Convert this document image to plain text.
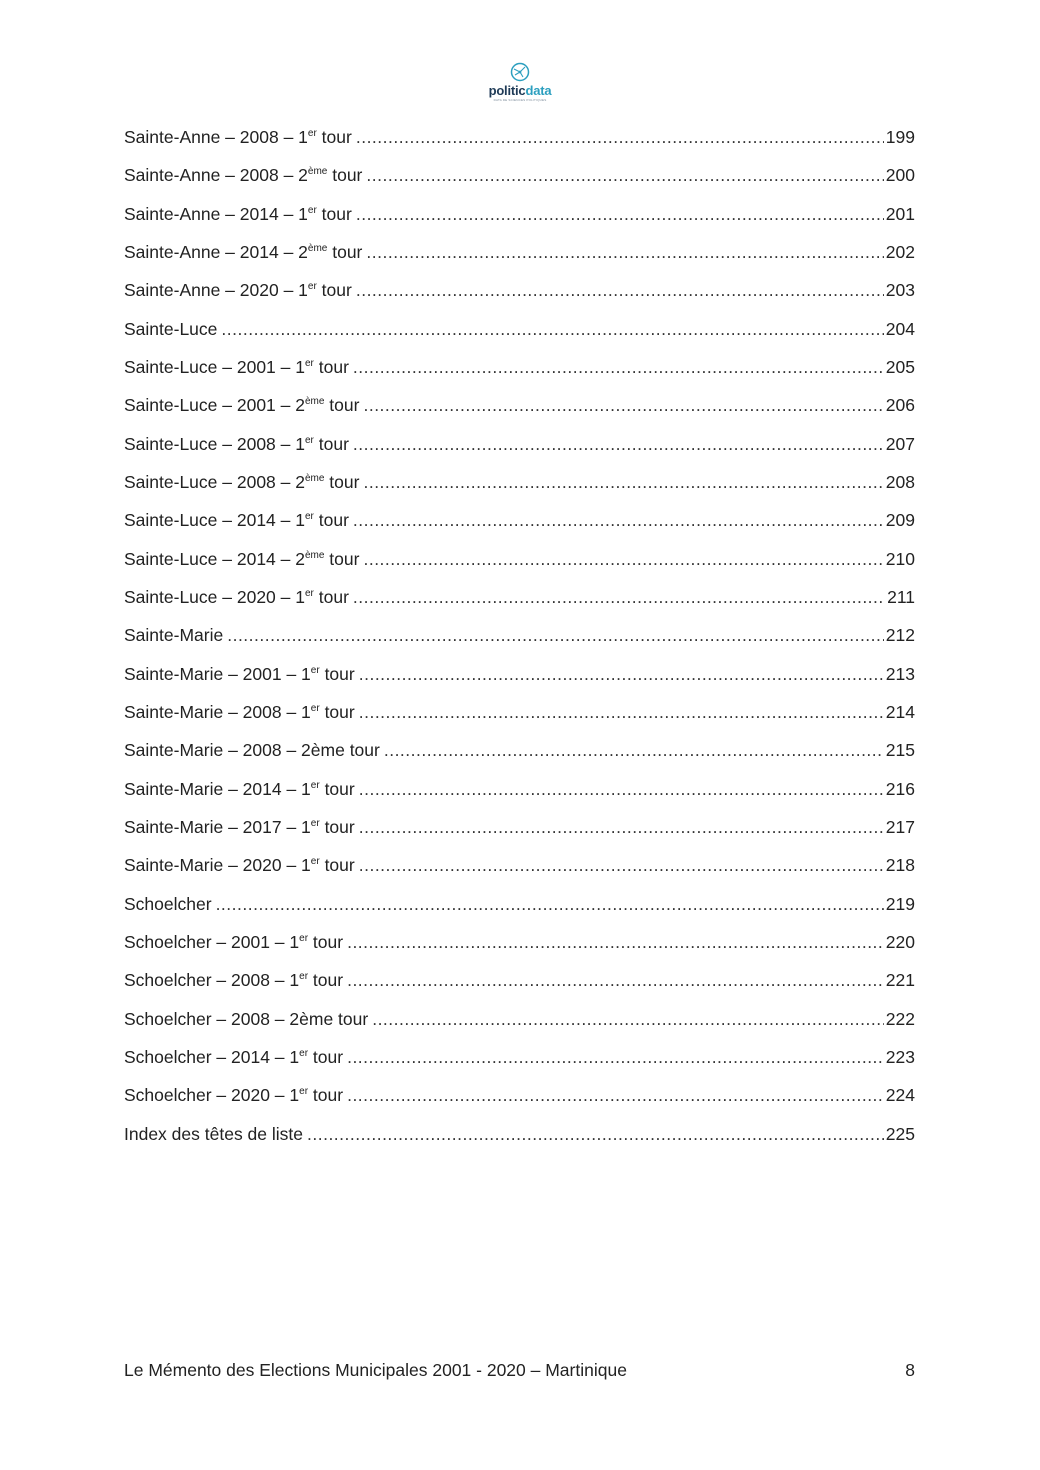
politicdata
DATA DE SCIENCES POLITIQUES
Sainte-Anne – 2008 – 1er tour .....	199
Sainte-Anne – 2008 – 2ème tour .....	200
Sainte-Anne – 2014 – 1er tour .....	201
Sainte-Anne – 2014 – 2ème tour .....	202
Sainte-Anne – 2020 – 1er tour .....	203
Sainte-Luce .....	204
Sainte-Luce – 2001 – 1er tour .....	205
Sainte-Luce – 2001 – 2ème tour .....	206
Sainte-Luce – 2008 – 1er tour .....	207
Sainte-Luce – 2008 – 2ème tour .....	208
Sainte-Luce – 2014 – 1er tour .....	209
Sainte-Luce – 2014 – 2ème tour .....	210
Sainte-Luce – 2020 – 1er tour .....	211
Sainte-Marie .....	212
Sainte-Marie – 2001 – 1er tour .....	213
Sainte-Marie – 2008 – 1er tour .....	214
Sainte-Marie – 2008 – 2ème tour .....	215
Sainte-Marie – 2014 – 1er tour .....	216
Sainte-Marie – 2017 – 1er tour .....	217
Sainte-Marie – 2020 – 1er tour .....	218
Schoelcher .....	219
Schoelcher – 2001 – 1er tour .....	220
Schoelcher – 2008 – 1er tour .....	221
Schoelcher – 2008 – 2ème tour .....	222
Schoelcher – 2014 – 1er tour .....	223
Schoelcher – 2020 – 1er tour .....	224
Index des têtes de liste .....	225
Le Mémento des Elections Municipales 2001 - 2020 – Martinique	8
